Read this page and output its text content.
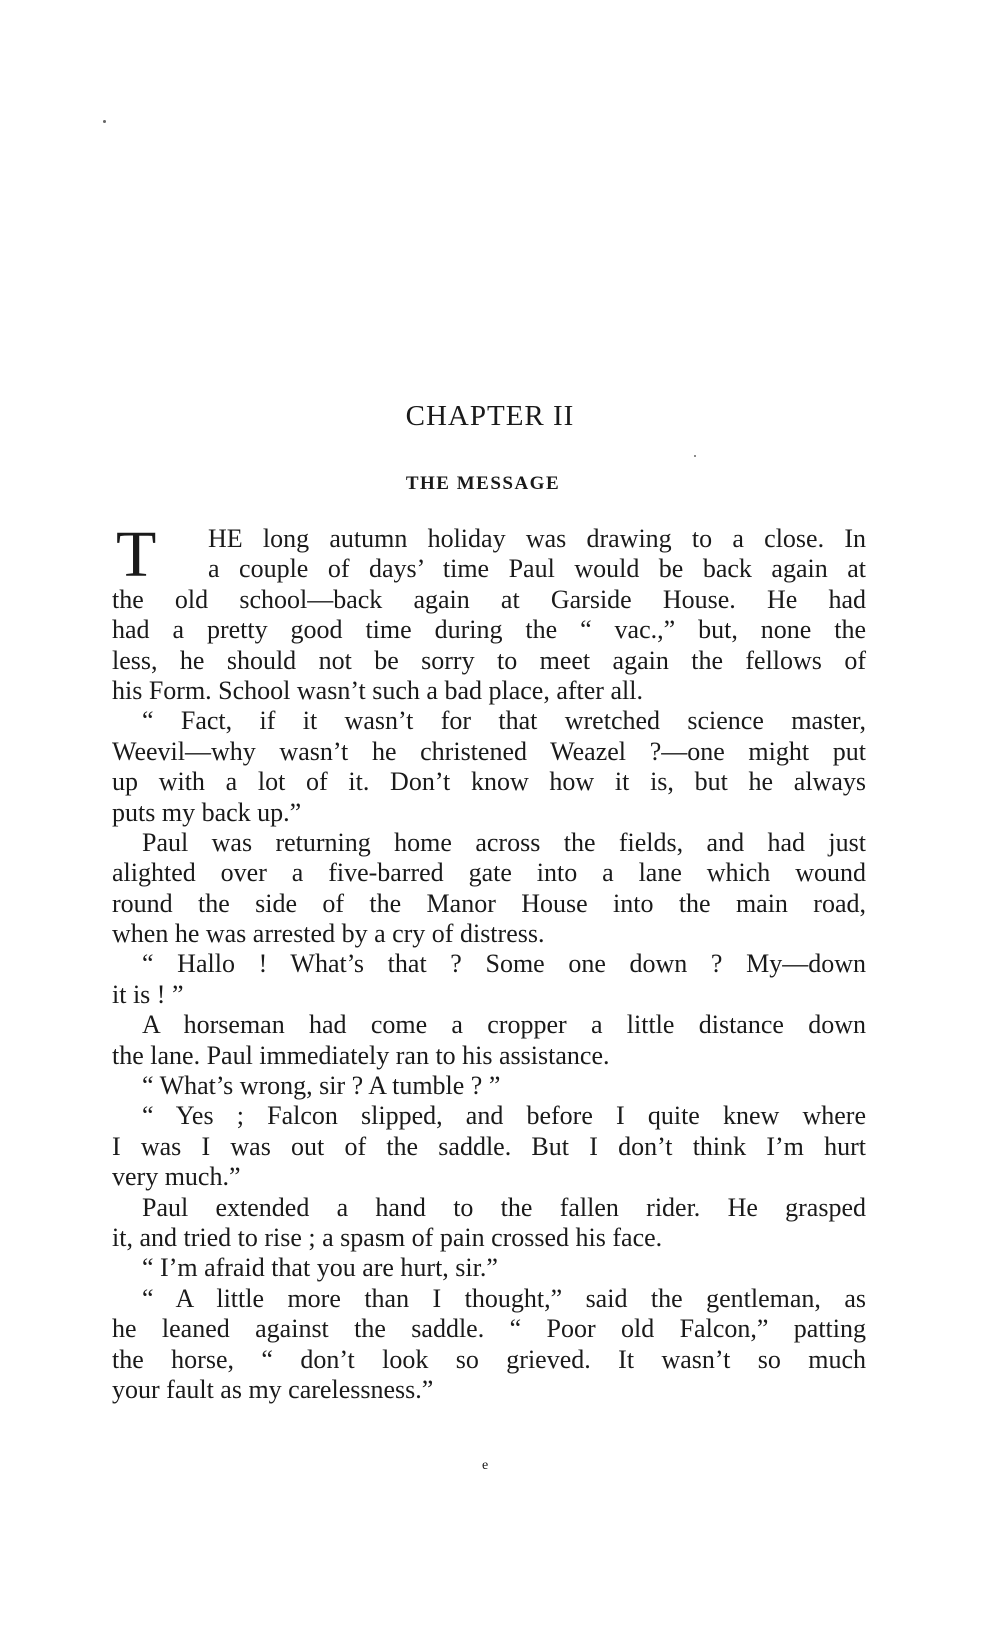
CHAPTER II
THE MESSAGE
T	HE long autumn holiday was drawing to a close. In
a couple of days’ time Paul would be back again at
the old school—back again at Garside House. He had
had a pretty good time during the “ vac.,” but, none the
less, he should not be sorry to meet again the fellows of
his Form. School wasn’t such a bad place, after all.
“ Fact, if it wasn’t for that wretched science master,
Weevil—why wasn’t he christened Weazel ?—one might put
up with a lot of it. Don’t know how it is, but he always
puts my back up.”
Paul was returning home across the fields, and had just
alighted over a five-barred gate into a lane which wound
round the side of the Manor House into the main road,
when he was arrested by a cry of distress.
“ Hallo ! What’s that ? Some one down ? My—down
it is ! ”
A horseman had come a cropper a little distance down
the lane. Paul immediately ran to his assistance.
“ What’s wrong, sir ? A tumble ? ”
“ Yes ; Falcon slipped, and before I quite knew where
I was I was out of the saddle. But I don’t think I’m hurt
very much.”
Paul extended a hand to the fallen rider. He grasped
it, and tried to rise ; a spasm of pain crossed his face.
“ I’m afraid that you are hurt, sir.”
“ A little more than I thought,” said the gentleman, as
he leaned against the saddle. “ Poor old Falcon,” patting
the horse, “ don’t look so grieved. It wasn’t so much
your fault as my carelessness.”
e
